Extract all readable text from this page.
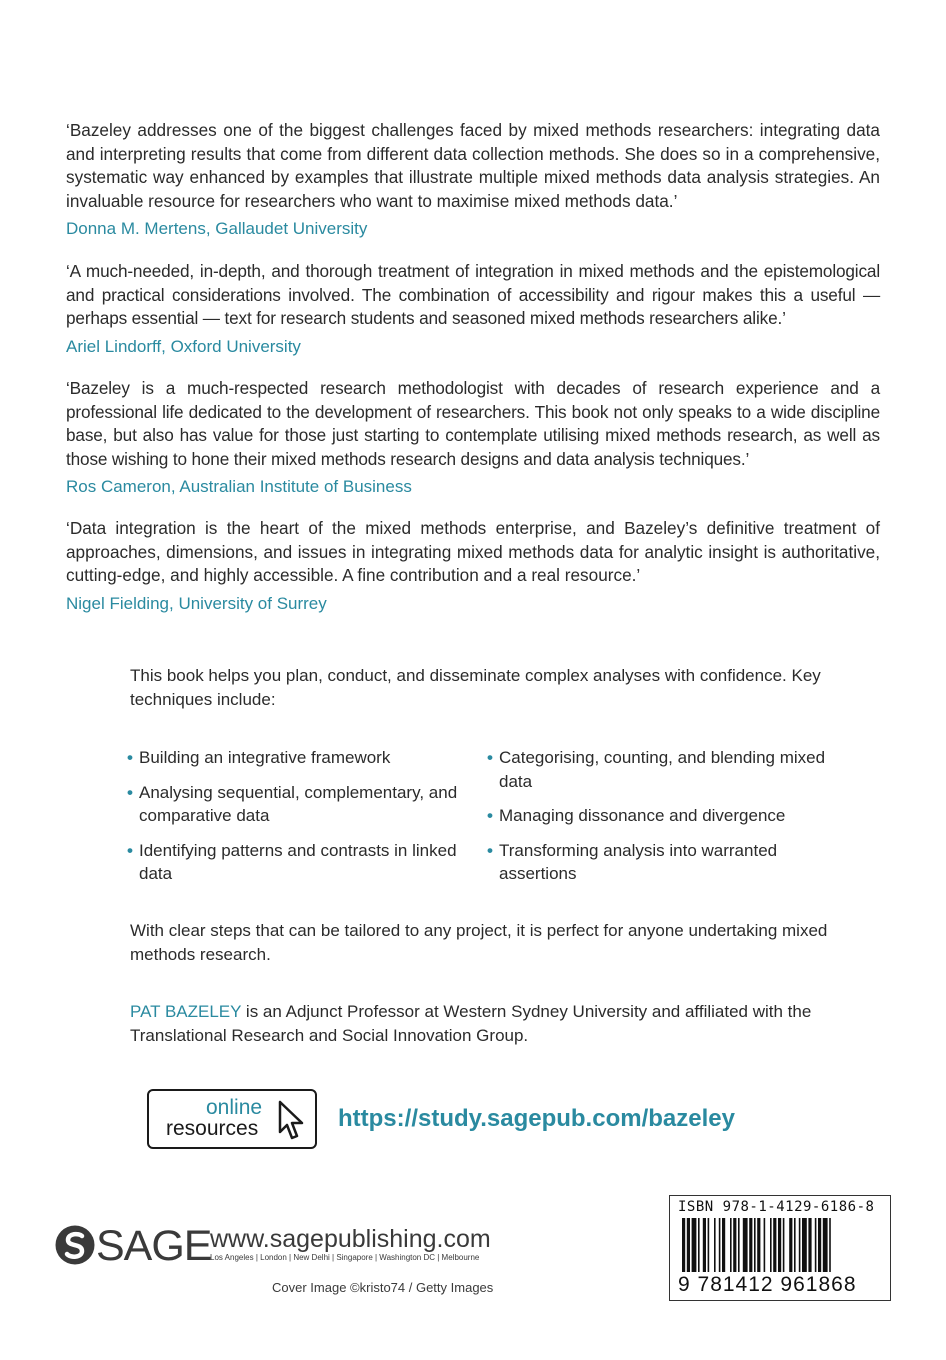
‘Bazeley addresses one of the biggest challenges faced by mixed methods researchers: integrating data and interpreting results that come from different data collection methods. She does so in a comprehensive, systematic way enhanced by examples that illustrate multiple mixed methods data analysis strategies. An invaluable resource for researchers who want to maximise mixed methods data.’

Donna M. Mertens, Gallaudet University

‘A much-needed, in-depth, and thorough treatment of integration in mixed methods and the epistemological and practical considerations involved. The combination of accessibility and rigour makes this a useful — perhaps essential — text for research students and seasoned mixed methods researchers alike.’

Ariel Lindorff, Oxford University

‘Bazeley is a much-respected research methodologist with decades of research experience and a professional life dedicated to the development of researchers. This book not only speaks to a wide discipline base, but also has value for those just starting to contemplate utilising mixed methods research, as well as those wishing to hone their mixed methods research designs and data analysis techniques.’

Ros Cameron, Australian Institute of Business

‘Data integration is the heart of the mixed methods enterprise, and Bazeley’s definitive treatment of approaches, dimensions, and issues in integrating mixed methods data for analytic insight is authoritative, cutting-edge, and highly accessible. A fine contribution and a real resource.’

Nigel Fielding, University of Surrey

This book helps you plan, conduct, and disseminate complex analyses with confidence. Key techniques include:

• Building an integrative framework

• Analysing sequential, complementary, and comparative data

• Identifying patterns and contrasts in linked data

• Categorising, counting, and blending mixed data

• Managing dissonance and divergence

• Transforming analysis into warranted assertions

With clear steps that can be tailored to any project, it is perfect for anyone undertaking mixed methods research.

PAT BAZELEY is an Adjunct Professor at Western Sydney University and affiliated with the Translational Research and Social Innovation Group.

online
resources	https://study.sagepub.com/bazeley
SAGE
www.sagepublishing.com
Los Angeles | London | New Delhi | Singapore | Washington DC | Melbourne
Cover Image ©kristo74 / Getty Images
ISBN 978-1-4129-6186-8
9 781412 961868
